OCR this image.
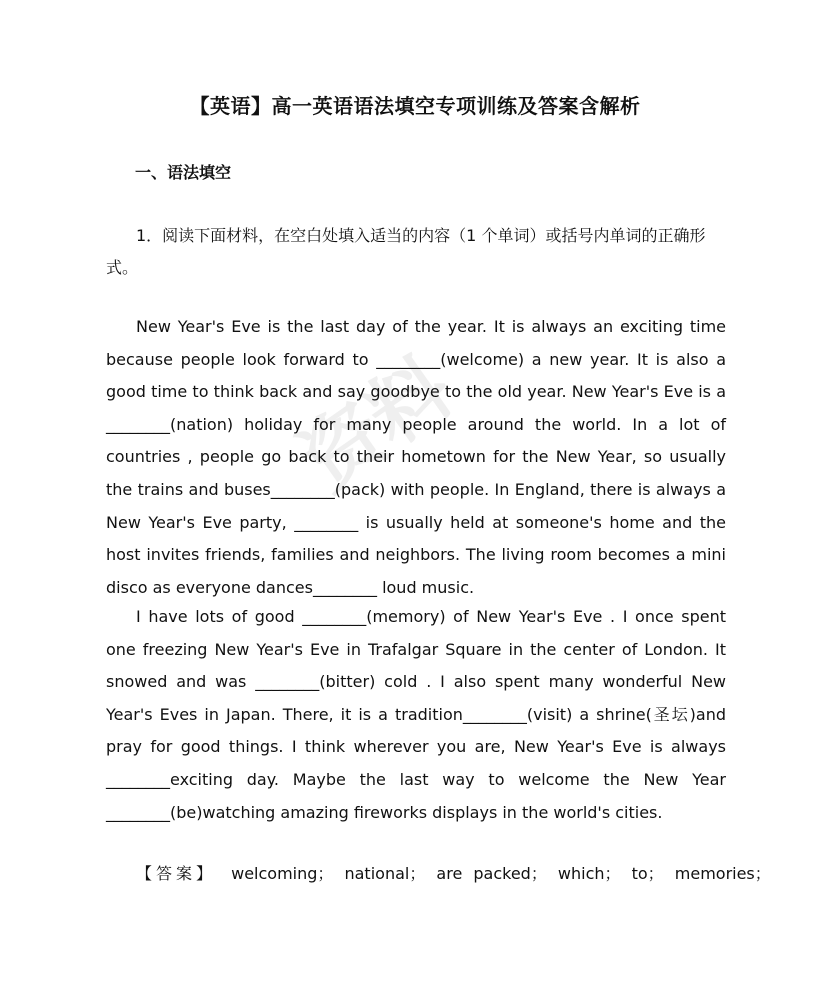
资料
【英语】高一英语语法填空专项训练及答案含解析
一、语法填空
1．阅读下面材料，在空白处填入适当的内容（1 个单词）或括号内单词的正确形式。
New Year's Eve is the last day of the year. It is always an exciting time because people look forward to ________(welcome) a new year. It is also a good time to think back and say goodbye to the old year. New Year's Eve is a ________(nation) holiday for many people around the world. In a lot of countries , people go back to their hometown for the New Year, so usually the trains and buses________(pack) with people. In England, there is always a New Year's Eve party, ________ is usually held at someone's home and the host invites friends, families and neighbors. The living room becomes a mini disco as everyone dances________ loud music.
I have lots of good ________(memory) of New Year's Eve . I once spent one freezing New Year's Eve in Trafalgar Square in the center of London. It snowed and was ________(bitter) cold . I also spent many wonderful New Year's Eves in Japan. There, it is a tradition________(visit) a shrine(圣坛)and pray for good things. I think wherever you are, New Year's Eve is always ________exciting day. Maybe the last way to welcome the New Year ________(be)watching amazing fireworks displays in the world's cities.
【答案】 welcoming； national； are packed； which； to； memories；
